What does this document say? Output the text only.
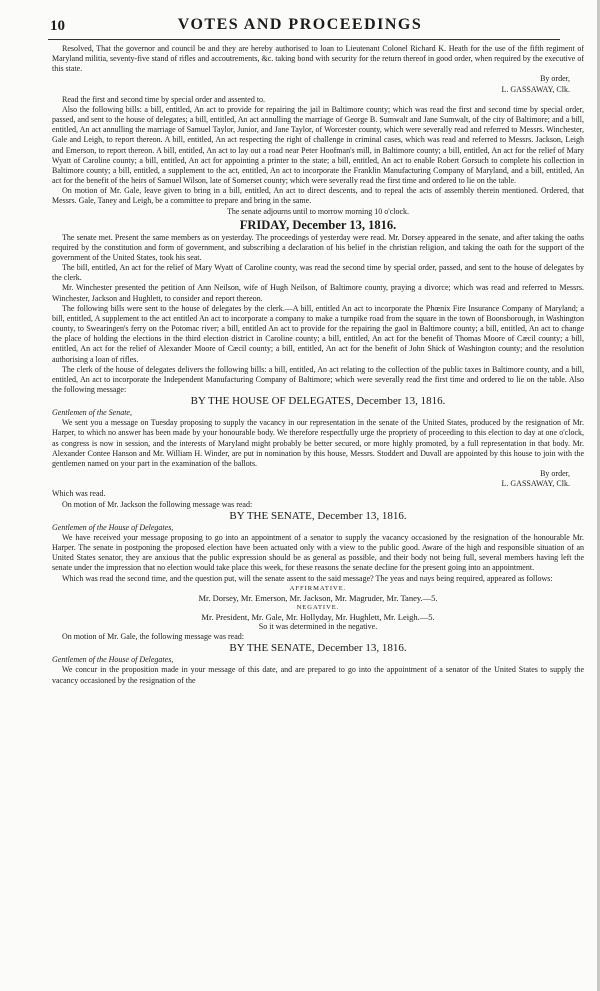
10	VOTES AND PROCEEDINGS

Resolved, That the governor and council be and they are hereby authorised to loan to Lieutenant Colonel Richard K. Heath for the use of the fifth regiment of Maryland militia, seventy-five stand of rifles and accoutrements, &c. taking bond with security for the return thereof in good order, when required by the executive of this state.

By order,

L. GASSAWAY, Clk.

Read the first and second time by special order and assented to.

Also the following bills: a bill, entitled, An act to provide for repairing the jail in Baltimore county; which was read the first and second time by special order, passed, and sent to the house of delegates; a bill, entitled, An act annulling the marriage of George B. Sumwalt and Jane Sumwalt, of the city of Baltimore; and a bill, entitled, An act annulling the marriage of Samuel Taylor, Junior, and Jane Taylor, of Worcester county, which were severally read and referred to Messrs. Winchester, Gale and Leigh, to report thereon. A bill, entitled, An act respecting the right of challenge in criminal cases, which was read and referred to Messrs. Jackson, Leigh and Emerson, to report thereon. A bill, entitled, An act to lay out a road near Peter Hoofman's mill, in Baltimore county; a bill, entitled, An act for the relief of Mary Wyatt of Caroline county; a bill, entitled, An act for appointing a printer to the state; a bill, entitled, An act to enable Robert Gorsuch to complete his collection in Baltimore county; a bill, entitled, a supplement to the act, entitled, An act to incorporate the Franklin Manufacturing Company of Maryland, and a bill, entitled, An act for the benefit of the heirs of Samuel Wilson, late of Somerset county; which were severally read the first time and ordered to lie on the table.

On motion of Mr. Gale, leave given to bring in a bill, entitled, An act to direct descents, and to repeal the acts of assembly therein mentioned. Ordered, that Messrs. Gale, Taney and Leigh, be a committee to prepare and bring in the same.

The senate adjourns until to morrow morning 10 o'clock.

FRIDAY, December 13, 1816.

The senate met. Present the same members as on yesterday. The proceedings of yesterday were read. Mr. Dorsey appeared in the senate, and after taking the oaths required by the constitution and form of government, and subscribing a declaration of his belief in the christian religion, and taking the oath for the support of the government of the United States, took his seat.

The bill, entitled, An act for the relief of Mary Wyatt of Caroline county, was read the second time by special order, passed, and sent to the house of delegates by the clerk.

Mr. Winchester presented the petition of Ann Neilson, wife of Hugh Neilson, of Baltimore county, praying a divorce; which was read and referred to Messrs. Winchester, Jackson and Hughlett, to consider and report thereon.

The following bills were sent to the house of delegates by the clerk.—A bill, entitled An act to incorporate the Phœnix Fire Insurance Company of Maryland; a bill, entitled, A supplement to the act entitled An act to incorporate a company to make a turnpike road from the square in the town of Boonsborough, in Washington county, to Swearingen's ferry on the Potomac river; a bill, entitled An act to provide for the repairing the gaol in Baltimore county; a bill, entitled, An act to change the place of holding the elections in the third election district in Caroline county; a bill, entitled, An act for the benefit of Thomas Moore of Cæcil county; a bill, entitled, An act for the relief of Alexander Moore of Cæcil county; a bill, entitled, An act for the benefit of John Shick of Washington county; and the resolution authorising a loan of rifles.

The clerk of the house of delegates delivers the following bills: a bill, entitled, An act relating to the collection of the public taxes in Baltimore county, and a bill, entitled, An act to incorporate the Independent Manufacturing Company of Baltimore; which were severally read the first time and ordered to lie on the table. Also the following message:

BY THE HOUSE OF DELEGATES, December 13, 1816.

Gentlemen of the Senate,

We sent you a message on Tuesday proposing to supply the vacancy in our representation in the senate of the United States, produced by the resignation of Mr. Harper, to which no answer has been made by your honourable body. We therefore respectfully urge the propriety of proceeding to this election to day at one o'clock, as congress is now in session, and the interests of Maryland might probably be better secured, or more highly promoted, by a full representation in that body. Mr. Alexander Contee Hanson and Mr. William H. Winder, are put in nomination by this house, Messrs. Stoddert and Duvall are appointed by this house to join with the gentlemen named on your part in the examination of the ballots.

By order,

L. GASSAWAY, Clk.

Which was read.

On motion of Mr. Jackson the following message was read:

BY THE SENATE, December 13, 1816.

Gentlemen of the House of Delegates,

We have received your message proposing to go into an appointment of a senator to supply the vacancy occasioned by the resignation of the honourable Mr. Harper. The senate in postponing the proposed election have been actuated only with a view to the public good. Aware of the high and responsible situation of an United States senator, they are anxious that the public expression should be as general as possible, and their body not being full, several members having left the senate under the impression that no election would take place this week, for these reasons the senate decline for the present going into an appointment.

Which was read the second time, and the question put, will the senate assent to the said message? The yeas and nays being required, appeared as follows:

AFFIRMATIVE.

Mr. Dorsey, Mr. Emerson, Mr. Jackson, Mr. Magruder, Mr. Taney.—5.

NEGATIVE.

Mr. President, Mr. Gale, Mr. Hollyday, Mr. Hughlett, Mr. Leigh.—5.

So it was determined in the negative.

On motion of Mr. Gale, the following message was read:

BY THE SENATE, December 13, 1816.

Gentlemen of the House of Delegates,

We concur in the proposition made in your message of this date, and are prepared to go into the appointment of a senator of the United States to supply the vacancy occasioned by the resignation of the
